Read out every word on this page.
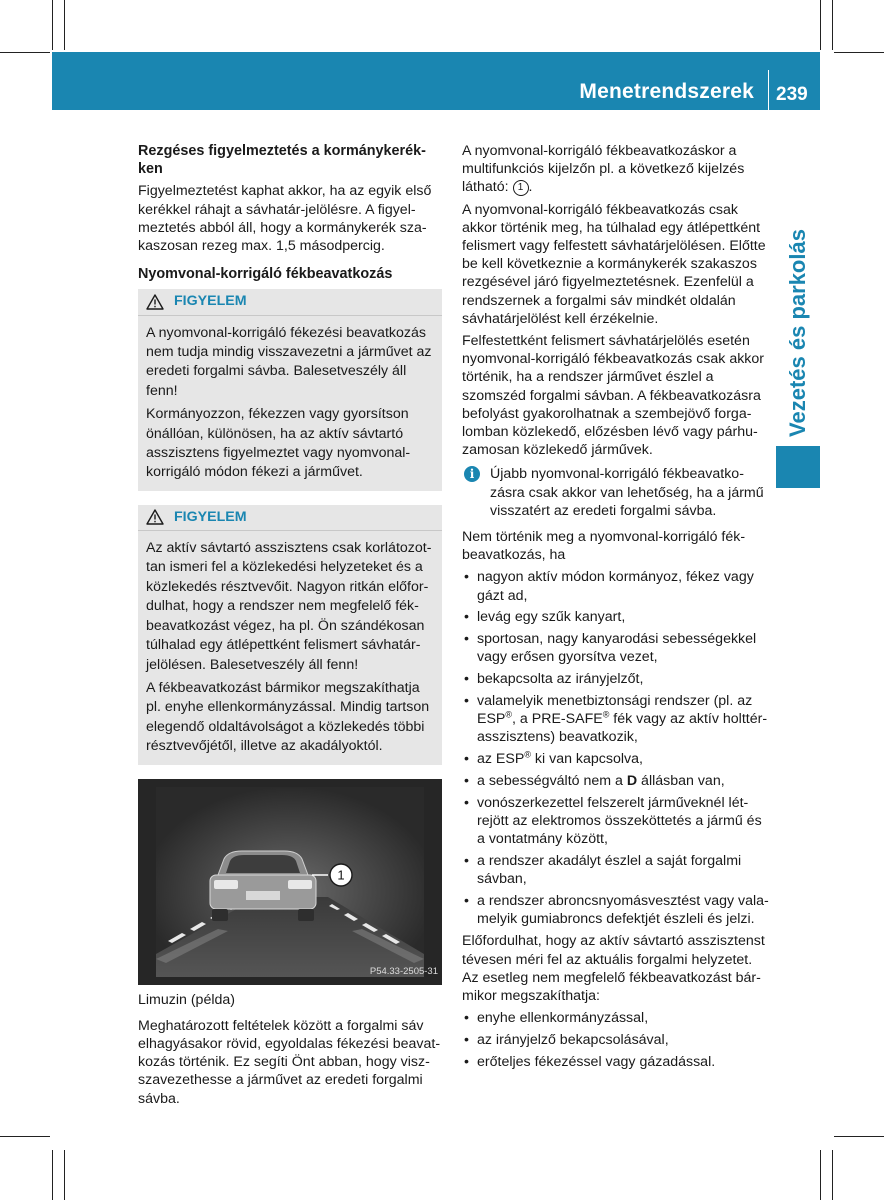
Menetrendszerek 239
Vezetés és parkolás
Rezgéses figyelmeztetés a kormánykerékken

Figyelmeztetést kaphat akkor, ha az egyik első kerékkel ráhajt a sávhatár-jelölésre. A figyelmeztetés abból áll, hogy a kormánykerék szakaszosan rezeg max. 1,5 másodpercig.

Nyomvonal-korrigáló fékbeavatkozás
FIGYELEM

A nyomvonal-korrigáló fékezési beavatkozás nem tudja mindig visszavezetni a járművet az eredeti forgalmi sávba. Balesetveszély áll fenn!

Kormányozzon, fékezzen vagy gyorsítson önállóan, különösen, ha az aktív sávtartó asszisztens figyelmeztet vagy nyomvonal-korrigáló módon fékezi a járművet.

FIGYELEM

Az aktív sávtartó asszisztens csak korlátozottan ismeri fel a közlekedési helyzeteket és a közlekedés résztvevőit. Nagyon ritkán előfordulhat, hogy a rendszer nem megfelelő fékbeavatkozást végez, ha pl. Ön szándékosan túlhalad egy átlépettként felismert sávhatárjelölésen. Balesetveszély áll fenn!

A fékbeavatkozást bármikor megszakíthatja pl. enyhe ellenkormányzással. Mindig tartson elegendő oldaltávolságot a közlekedés többi résztvevőjétől, illetve az akadályoktól.

1
P54.33-2505-31
Limuzin (példa)

Meghatározott feltételek között a forgalmi sáv elhagyásakor rövid, egyoldalas fékezési beavatkozás történik. Ez segíti Önt abban, hogy viszszavezethesse a járművet az eredeti forgalmi sávba.

A nyomvonal-korrigáló fékbeavatkozáskor a multifunkciós kijelzőn pl. a következő kijelzés látható: 1 .

A nyomvonal-korrigáló fékbeavatkozás csak akkor történik meg, ha túlhalad egy átlépettként felismert vagy felfestett sávhatárjelölésen. Előtte be kell következnie a kormánykerék szakaszos rezgésével járó figyelmeztetésnek. Ezenfelül a rendszernek a forgalmi sáv mindkét oldalán sávhatárjelölést kell érzékelnie.

Felfestettként felismert sávhatárjelölés esetén nyomvonal-korrigáló fékbeavatkozás csak akkor történik, ha a rendszer járművet észlel a szomszéd forgalmi sávban. A fékbeavatkozásra befolyást gyakorolhatnak a szembejövő forgalomban közlekedő, előzésben lévő vagy párhuzamosan közlekedő járművek.

i	Újabb nyomvonal-korrigáló fékbeavatkozásra csak akkor van lehetőség, ha a jármű visszatért az eredeti forgalmi sávba.

Nem történik meg a nyomvonal-korrigáló fékbeavatkozás, ha

• nagyon aktív módon kormányoz, fékez vagy gázt ad,
• levág egy szűk kanyart,
• sportosan, nagy kanyarodási sebességekkel vagy erősen gyorsítva vezet,
• bekapcsolta az irányjelzőt,
• valamelyik menetbiztonsági rendszer (pl. az ESP®, a PRE-SAFE® fék vagy az aktív holttérasszisztens) beavatkozik,
• az ESP® ki van kapcsolva,
• a sebességváltó nem a D állásban van,
• vonószerkezettel felszerelt járműveknél létrejött az elektromos összeköttetés a jármű és a vontatmány között,
• a rendszer akadályt észlel a saját forgalmi sávban,
• a rendszer abroncsnyomásvesztést vagy valamelyik gumiabroncs defektjét észleli és jelzi.

Előfordulhat, hogy az aktív sávtartó asszisztenst tévesen méri fel az aktuális forgalmi helyzetet. Az esetleg nem megfelelő fékbeavatkozást bármikor megszakíthatja:

• enyhe ellenkormányzással,
• az irányjelző bekapcsolásával,
• erőteljes fékezéssel vagy gázadással.
